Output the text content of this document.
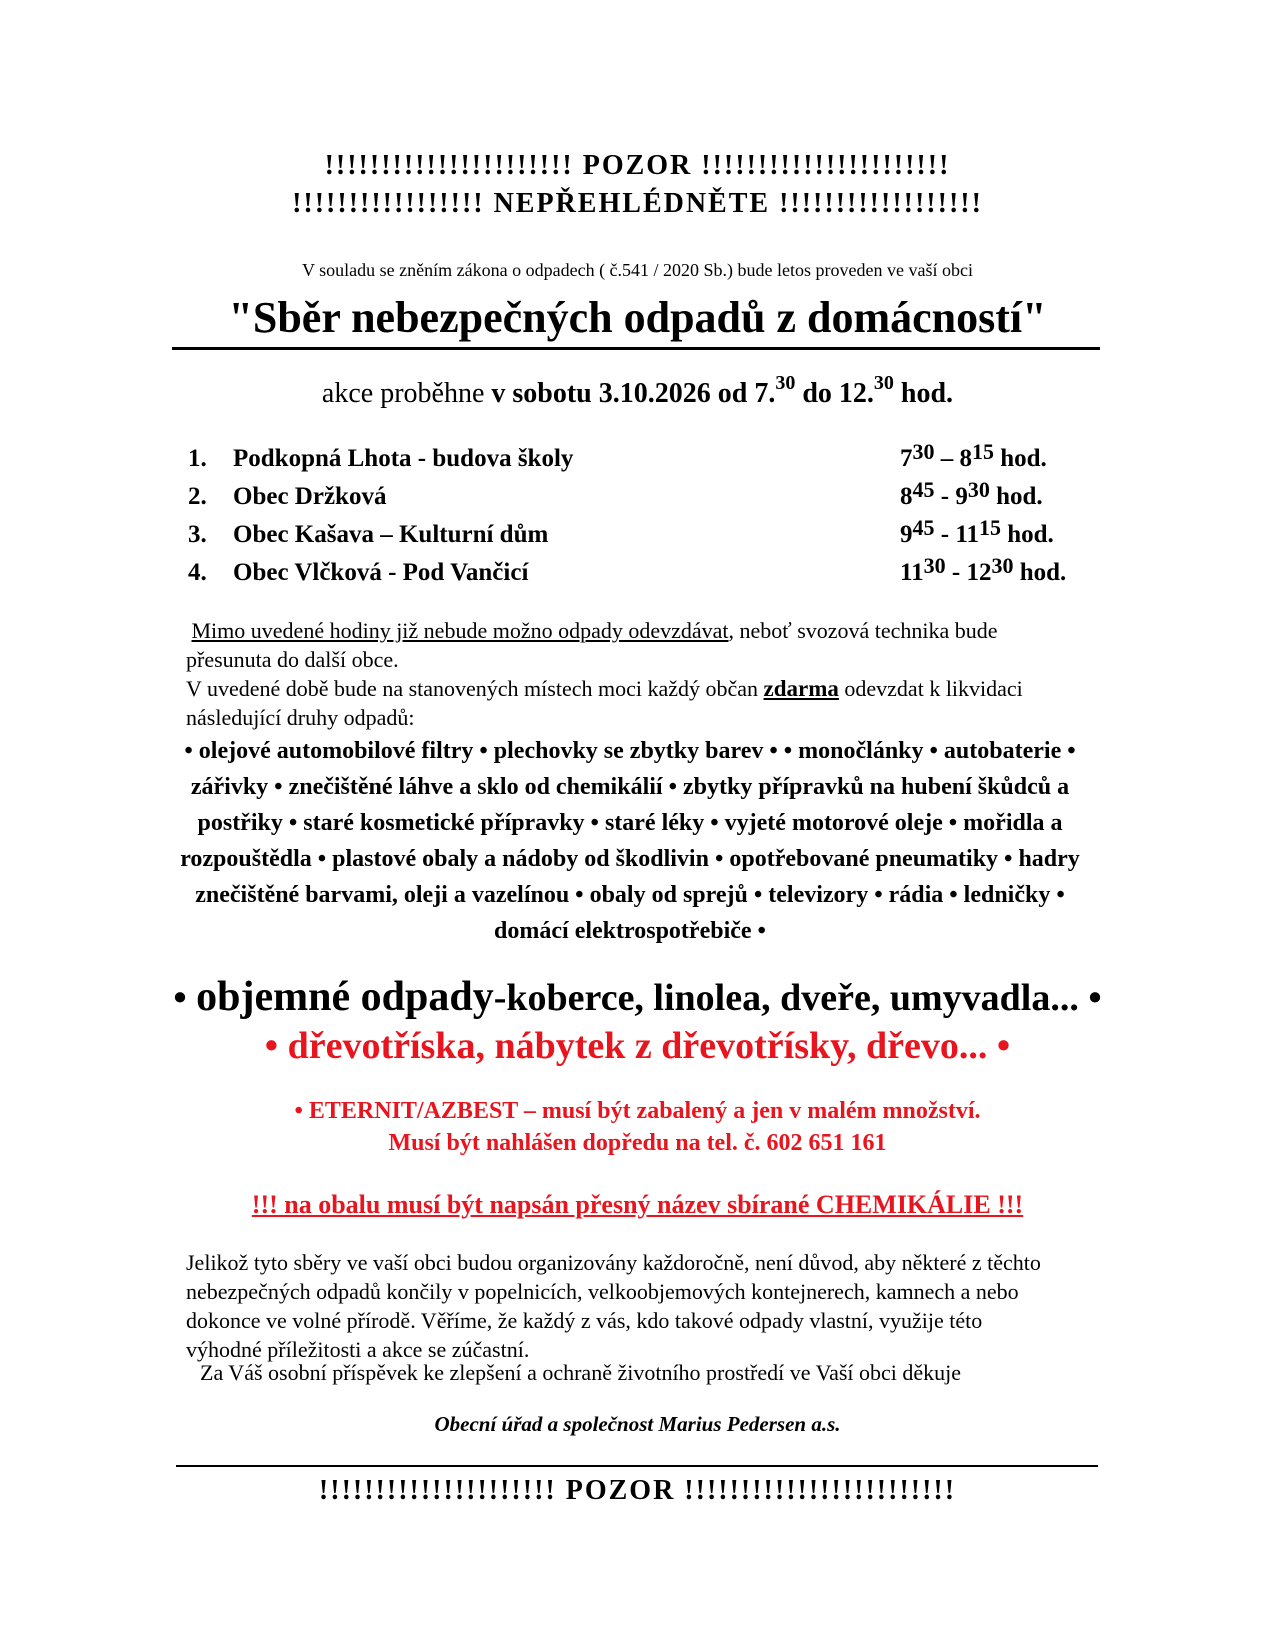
!!!!!!!!!!!!!!!!!!!!!! POZOR !!!!!!!!!!!!!!!!!!!!!!
!!!!!!!!!!!!!!!!! NEPŘEHLÉDNĚTE !!!!!!!!!!!!!!!!!!
V souladu se zněním zákona o odpadech ( č.541 / 2020 Sb.) bude letos proveden ve vaší obci
"Sběr nebezpečných odpadů z domácností"
akce proběhne v sobotu 3.10.2026 od 7.30 do 12.30 hod.
1.	Podkopná Lhota - budova školy	$7^{30} - 8^{15}$ hod.
2.	Obec Držková	$8^{45} - 9^{30}$ hod.
3.	Obec Kašava – Kulturní dům	$9^{45} - 11^{15}$ hod.
4.	Obec Vlčková - Pod Vančicí	$11^{30} - 12^{30}$ hod.
Mimo uvedené hodiny již nebude možno odpady odevzdávat, neboť svozová technika bude přesunuta do další obce.
V uvedené době bude na stanovených místech moci každý občan zdarma odevzdat k likvidaci následující druhy odpadů:
• olejové automobilové filtry • plechovky se zbytky barev • • monočlánky • autobaterie • zářivky • znečištěné láhve a sklo od chemikálií • zbytky přípravků na hubení škůdců a postřiky • staré kosmetické přípravky • staré léky • vyjeté motorové oleje • mořidla a rozpouštědla • plastové obaly a nádoby od škodlivin • opotřebované pneumatiky • hadry znečištěné barvami, oleji a vazelínou • obaly od sprejů • televizory • rádia • ledničky • domácí elektrospotřebiče •
• objemné odpady-koberce, linolea, dveře, umyvadla... •
• dřevotříska, nábytek z dřevotřísky, dřevo... •
• ETERNIT/AZBEST – musí být zabalený a jen v malém množství.
Musí být nahlášen dopředu na tel. č. 602 651 161
!!! na obalu musí být napsán přesný název sbírané CHEMIKÁLIE !!!
Jelikož tyto sběry ve vaší obci budou organizovány každoročně, není důvod, aby některé z těchto nebezpečných odpadů končily v popelnicích, velkoobjemových kontejnerech, kamnech a nebo dokonce ve volné přírodě. Věříme, že každý z vás, kdo takové odpady vlastní, využije této výhodné příležitosti a akce se zúčastní.
Za Váš osobní příspěvek ke zlepšení a ochraně životního prostředí ve Vaší obci děkuje
Obecní úřad a společnost Marius Pedersen a.s.
!!!!!!!!!!!!!!!!!!!!! POZOR !!!!!!!!!!!!!!!!!!!!!!!!
